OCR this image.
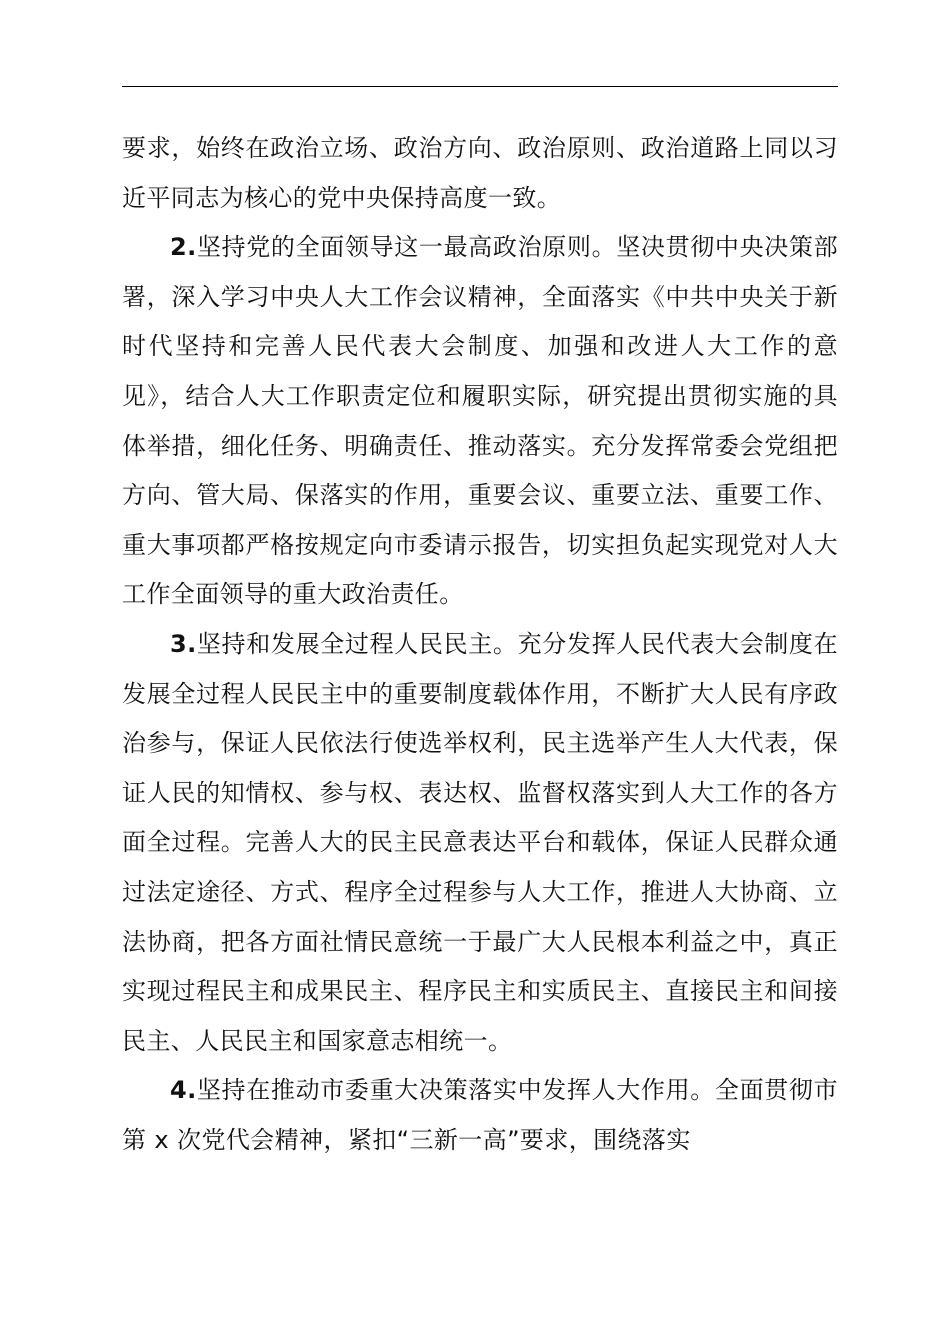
要求，始终在政治立场、政治方向、政治原则、政治道路上同以习近平同志为核心的党中央保持高度一致。

2.坚持党的全面领导这一最高政治原则。坚决贯彻中央决策部署，深入学习中央人大工作会议精神，全面落实《中共中央关于新时代坚持和完善人民代表大会制度、加强和改进人大工作的意见》，结合人大工作职责定位和履职实际，研究提出贯彻实施的具体举措，细化任务、明确责任、推动落实。充分发挥常委会党组把方向、管大局、保落实的作用，重要会议、重要立法、重要工作、重大事项都严格按规定向市委请示报告，切实担负起实现党对人大工作全面领导的重大政治责任。

3.坚持和发展全过程人民民主。充分发挥人民代表大会制度在发展全过程人民民主中的重要制度载体作用，不断扩大人民有序政治参与，保证人民依法行使选举权利，民主选举产生人大代表，保证人民的知情权、参与权、表达权、监督权落实到人大工作的各方面全过程。完善人大的民主民意表达平台和载体，保证人民群众通过法定途径、方式、程序全过程参与人大工作，推进人大协商、立法协商，把各方面社情民意统一于最广大人民根本利益之中，真正实现过程民主和成果民主、程序民主和实质民主、直接民主和间接民主、人民民主和国家意志相统一。

4.坚持在推动市委重大决策落实中发挥人大作用。全面贯彻市第 x 次党代会精神，紧扣“三新一高”要求，围绕落实
